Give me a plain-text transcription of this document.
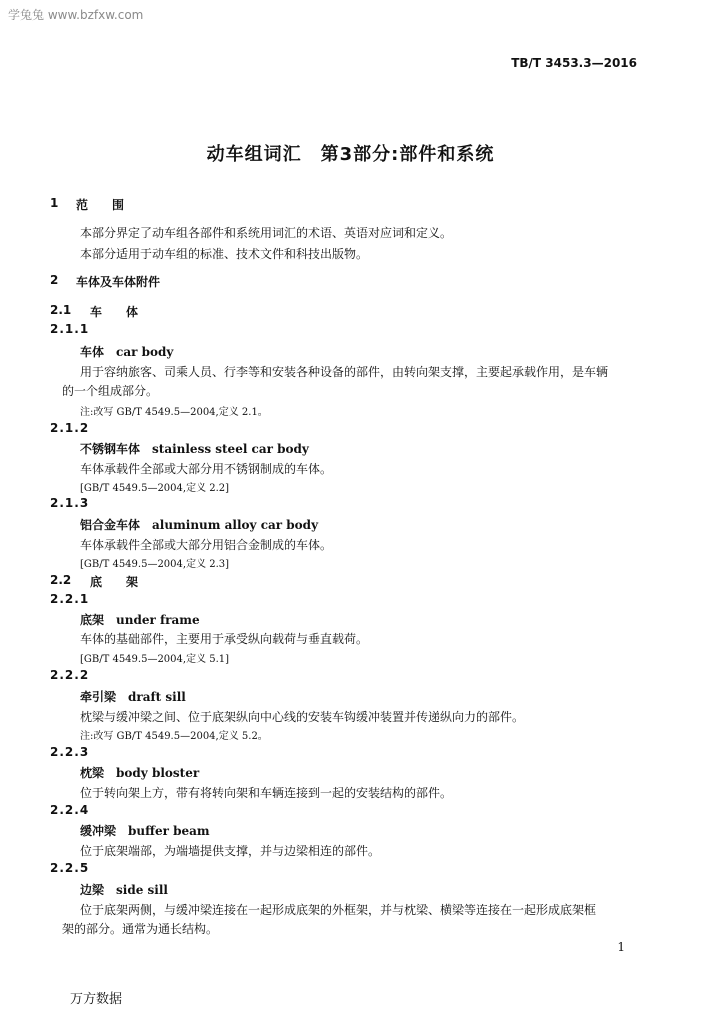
学兔兔 www.bzfxw.com
TB/T 3453.3—2016
动车组词汇　第3部分:部件和系统
1 范　　围
本部分界定了动车组各部件和系统用词汇的术语、英语对应词和定义。
本部分适用于动车组的标准、技术文件和科技出版物。
2 车体及车体附件
2.1 车　　体
2.1.1
车体 car body
用于容纳旅客、司乘人员、行李等和安装各种设备的部件，由转向架支撑，主要起承载作用，是车辆
的一个组成部分。
注:改写 GB/T 4549.5—2004,定义 2.1。
2.1.2
不锈钢车体 stainless steel car body
车体承载件全部或大部分用不锈钢制成的车体。
[GB/T 4549.5—2004,定义 2.2]
2.1.3
铝合金车体 aluminum alloy car body
车体承载件全部或大部分用铝合金制成的车体。
[GB/T 4549.5—2004,定义 2.3]
2.2 底　　架
2.2.1
底架 under frame
车体的基础部件，主要用于承受纵向载荷与垂直载荷。
[GB/T 4549.5—2004,定义 5.1]
2.2.2
牵引梁 draft sill
枕梁与缓冲梁之间、位于底架纵向中心线的安装车钩缓冲装置并传递纵向力的部件。
注:改写 GB/T 4549.5—2004,定义 5.2。
2.2.3
枕梁 body bloster
位于转向架上方，带有将转向架和车辆连接到一起的安装结构的部件。
2.2.4
缓冲梁 buffer beam
位于底架端部，为端墙提供支撑，并与边梁相连的部件。
2.2.5
边梁 side sill
位于底架两侧，与缓冲梁连接在一起形成底架的外框架，并与枕梁、横梁等连接在一起形成底架框
架的部分。通常为通长结构。
1
万方数据
